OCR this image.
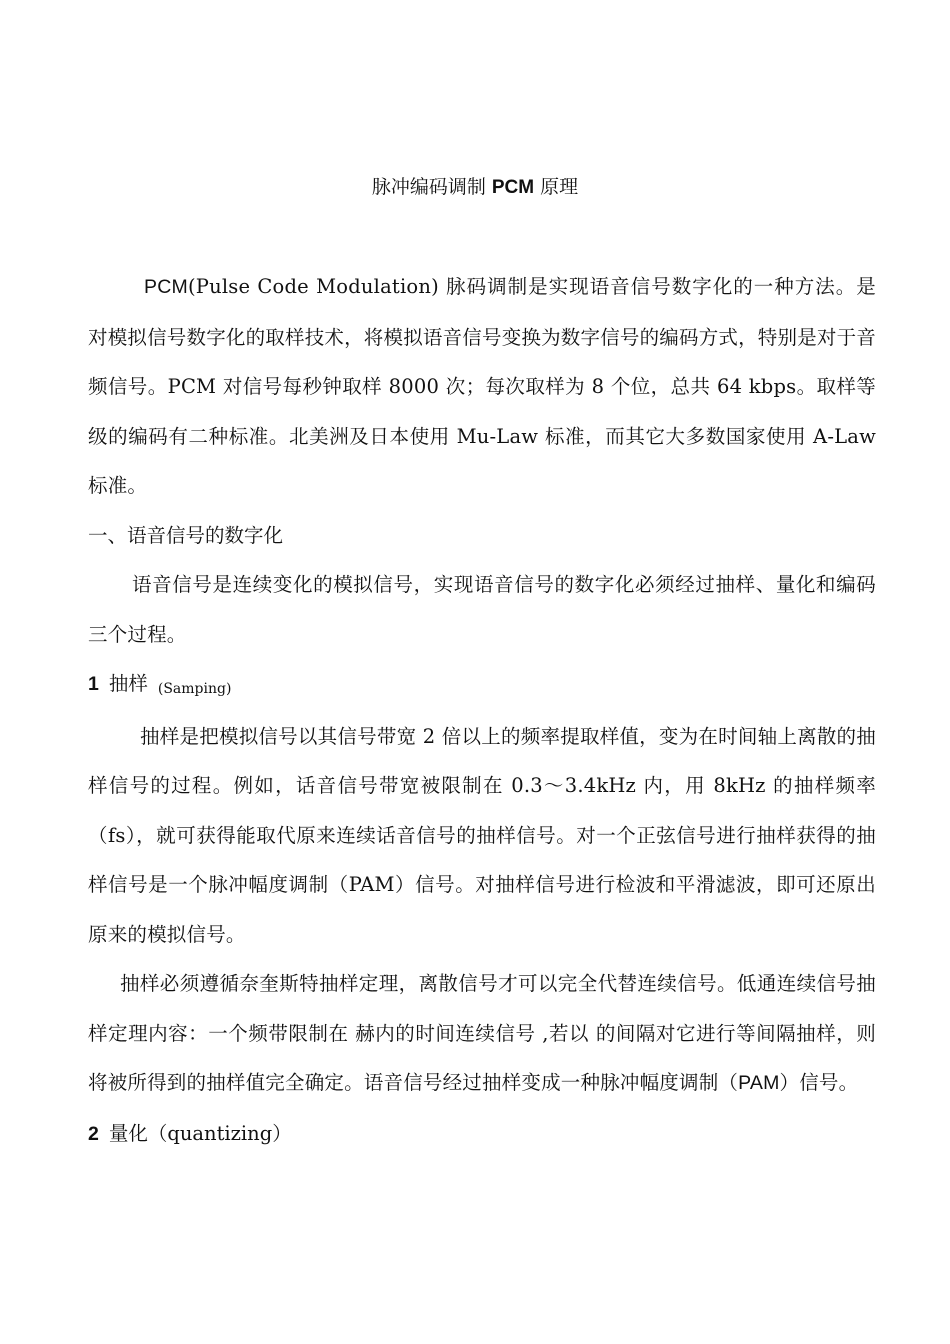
脉冲编码调制 PCM 原理

PCM(Pulse Code Modulation) 脉码调制是实现语音信号数字化的一种方法。是对模拟信号数字化的取样技术，将模拟语音信号变换为数字信号的编码方式，特别是对于音频信号。PCM 对信号每秒钟取样 8000 次；每次取样为 8 个位，总共 64 kbps。取样等级的编码有二种标准。北美洲及日本使用 Mu-Law 标准，而其它大多数国家使用 A-Law 标准。

一、语音信号的数字化

语音信号是连续变化的模拟信号，实现语音信号的数字化必须经过抽样、量化和编码三个过程。

1 抽样 (Samping)

抽样是把模拟信号以其信号带宽 2 倍以上的频率提取样值，变为在时间轴上离散的抽样信号的过程。例如，话音信号带宽被限制在 0.3～3.4kHz 内，用 8kHz 的抽样频率（fs），就可获得能取代原来连续话音信号的抽样信号。对一个正弦信号进行抽样获得的抽样信号是一个脉冲幅度调制（PAM）信号。对抽样信号进行检波和平滑滤波，即可还原出原来的模拟信号。

抽样必须遵循奈奎斯特抽样定理，离散信号才可以完全代替连续信号。低通连续信号抽样定理内容：一个频带限制在 赫内的时间连续信号 ,若以 的间隔对它进行等间隔抽样，则 将被所得到的抽样值完全确定。语音信号经过抽样变成一种脉冲幅度调制（PAM）信号。

2 量化（quantizing）
